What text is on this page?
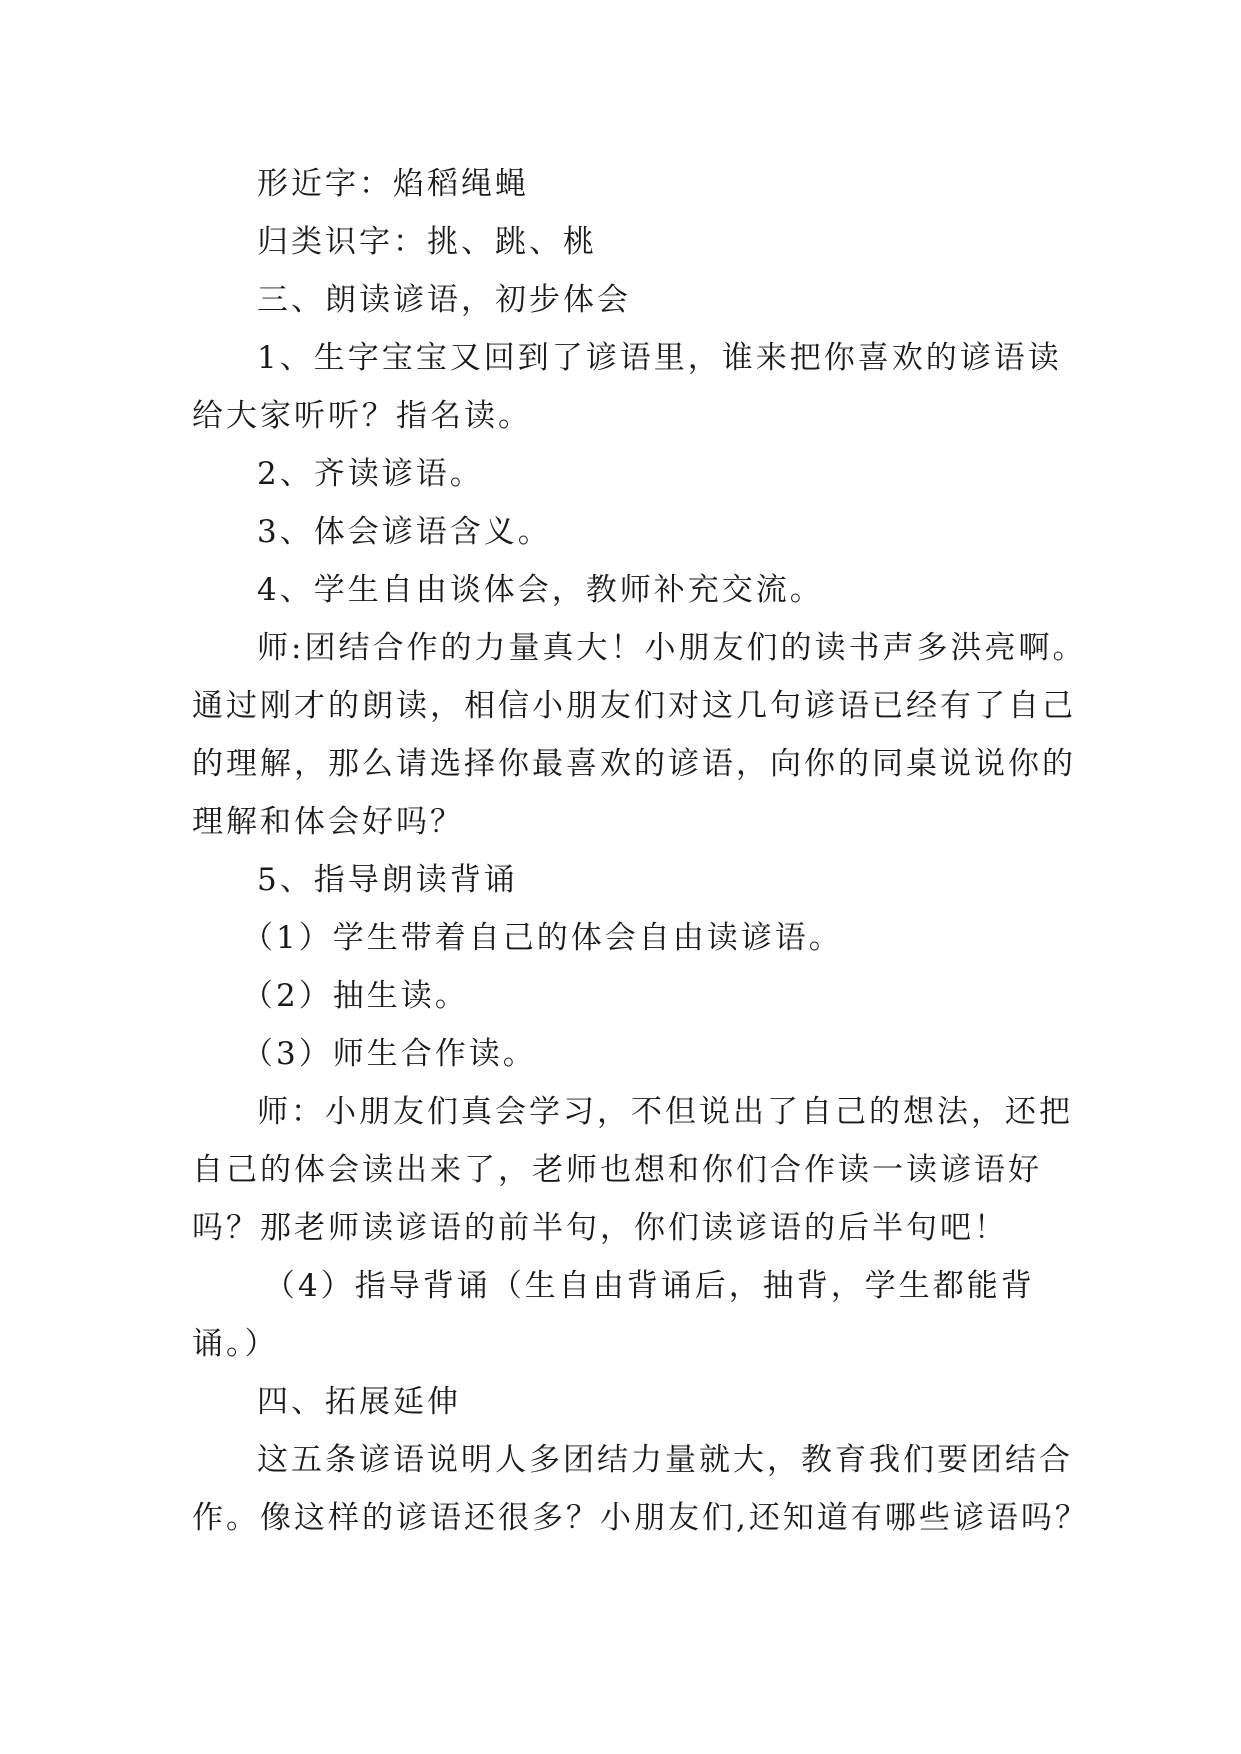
形近字：焰稻绳蝇

归类识字：挑、跳、桃

三、朗读谚语，初步体会

1、生字宝宝又回到了谚语里，谁来把你喜欢的谚语读

给大家听听？指名读。

2、齐读谚语。

3、体会谚语含义。

4、学生自由谈体会，教师补充交流。

师:团结合作的力量真大！小朋友们的读书声多洪亮啊。

通过刚才的朗读，相信小朋友们对这几句谚语已经有了自己

的理解，那么请选择你最喜欢的谚语，向你的同桌说说你的

理解和体会好吗？

5、指导朗读背诵

（1）学生带着自己的体会自由读谚语。

（2）抽生读。

（3）师生合作读。

师：小朋友们真会学习，不但说出了自己的想法，还把

自己的体会读出来了，老师也想和你们合作读一读谚语好

吗？那老师读谚语的前半句，你们读谚语的后半句吧！

（4）指导背诵（生自由背诵后，抽背，学生都能背

诵。）

四、拓展延伸

这五条谚语说明人多团结力量就大，教育我们要团结合

作。像这样的谚语还很多？小朋友们,还知道有哪些谚语吗？
